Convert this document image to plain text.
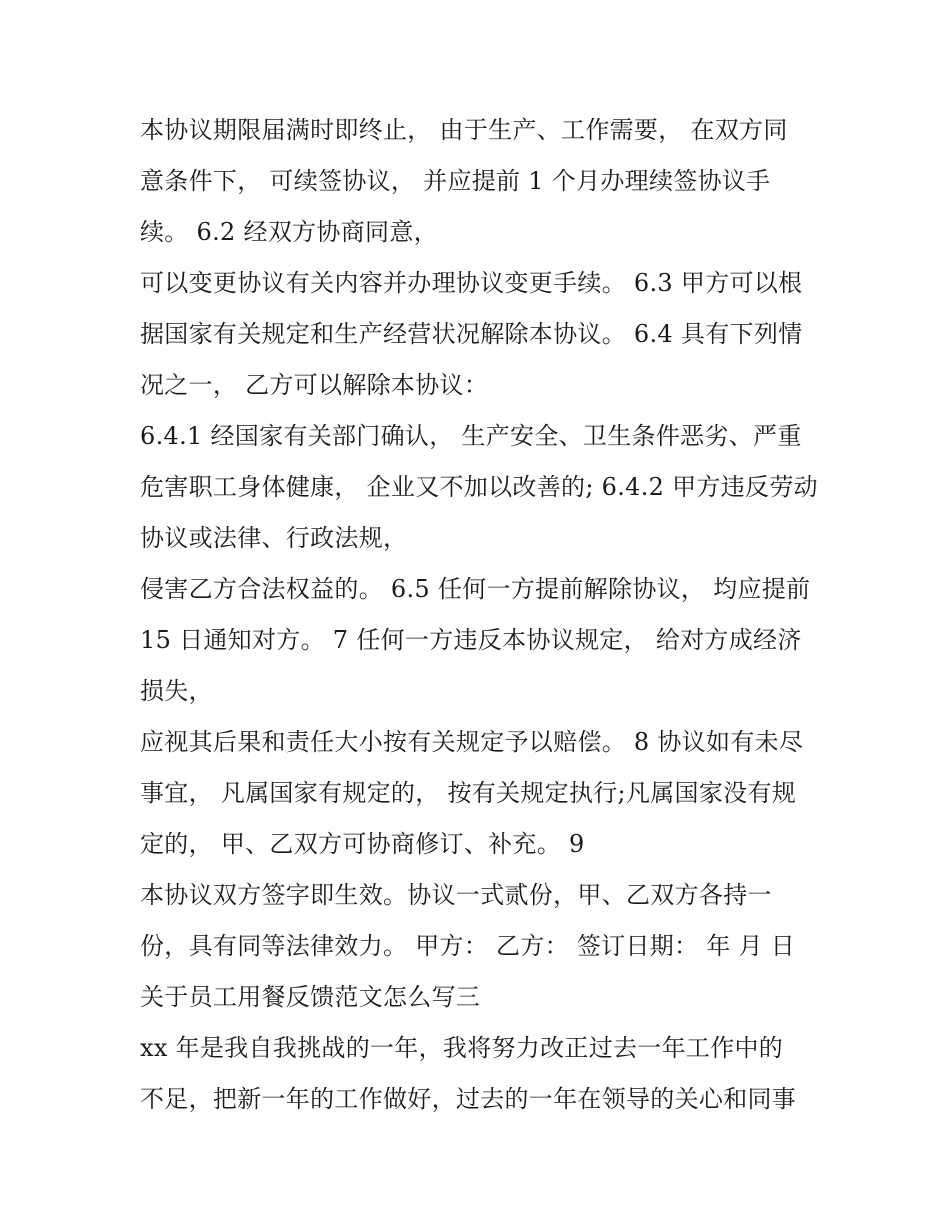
本协议期限届满时即终止， 由于生产、工作需要， 在双方同
意条件下， 可续签协议， 并应提前 1 个月办理续签协议手
续。 6.2 经双方协商同意，
可以变更协议有关内容并办理协议变更手续。 6.3 甲方可以根
据国家有关规定和生产经营状况解除本协议。 6.4 具有下列情
况之一， 乙方可以解除本协议：
6.4.1 经国家有关部门确认， 生产安全、卫生条件恶劣、严重
危害职工身体健康， 企业又不加以改善的; 6.4.2 甲方违反劳动
协议或法律、行政法规，
侵害乙方合法权益的。 6.5 任何一方提前解除协议， 均应提前
15 日通知对方。 7 任何一方违反本协议规定， 给对方成经济
损失，
应视其后果和责任大小按有关规定予以赔偿。 8 协议如有未尽
事宜， 凡属国家有规定的， 按有关规定执行;凡属国家没有规
定的， 甲、乙双方可协商修订、补充。 9
本协议双方签字即生效。协议一式贰份，甲、乙双方各持一
份，具有同等法律效力。 甲方： 乙方： 签订日期： 年 月 日
关于员工用餐反馈范文怎么写三
xx 年是我自我挑战的一年，我将努力改正过去一年工作中的
不足，把新一年的工作做好，过去的一年在领导的关心和同事
